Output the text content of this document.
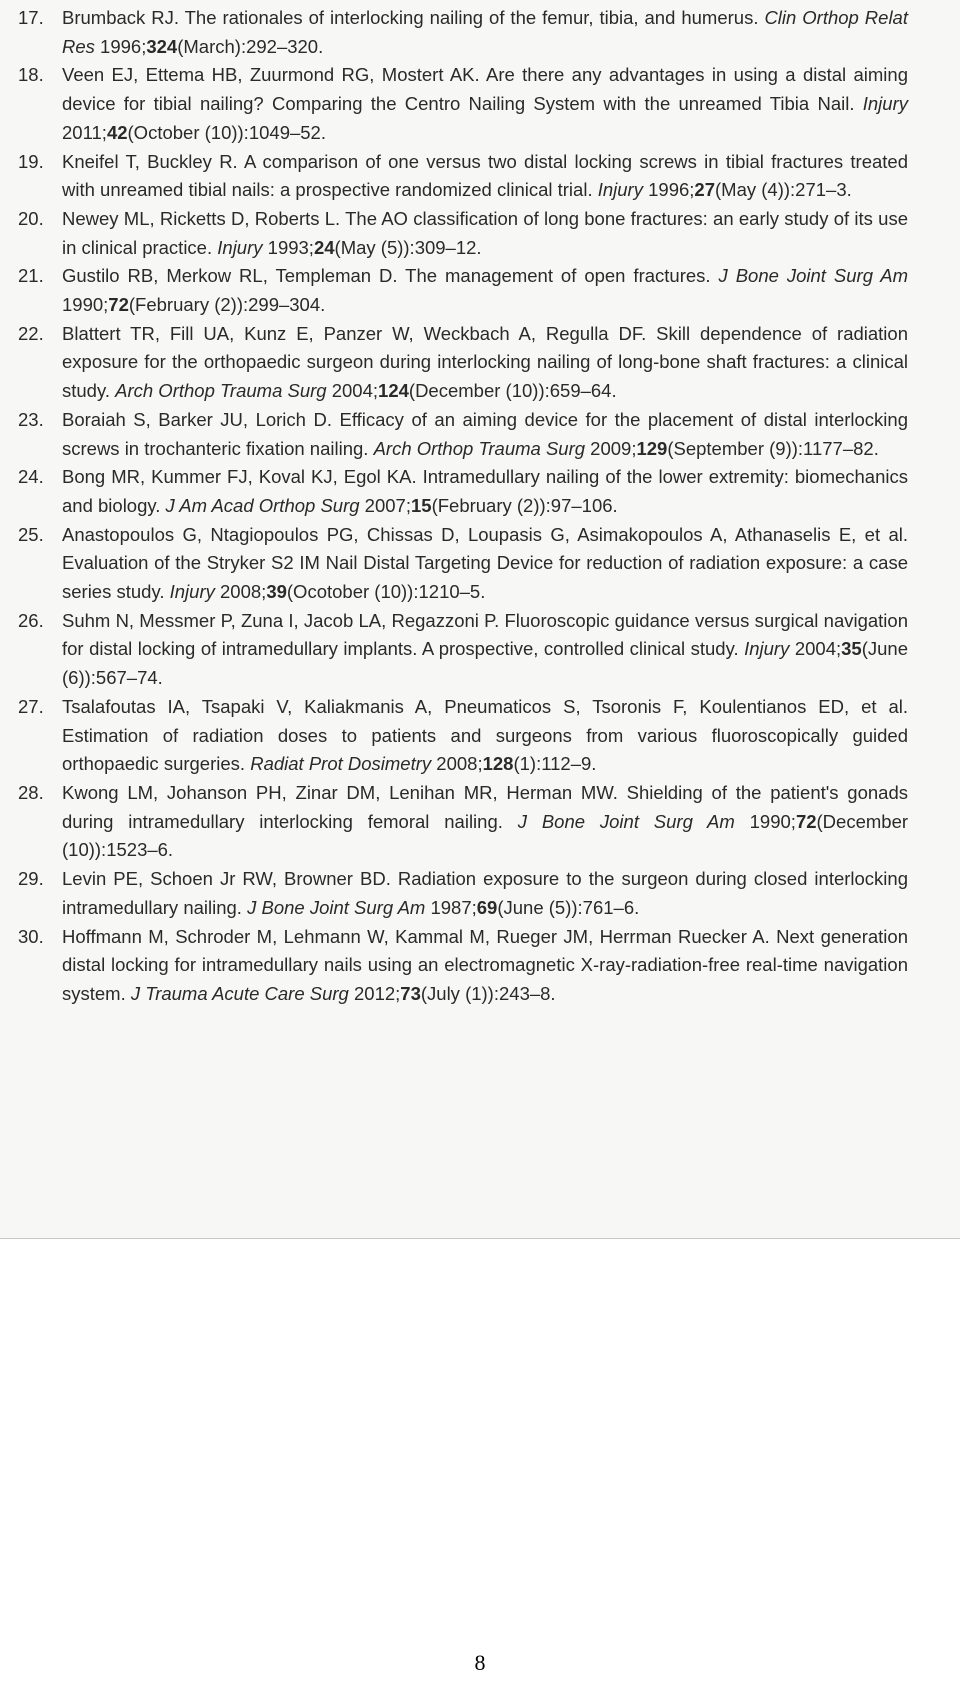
17. Brumback RJ. The rationales of interlocking nailing of the femur, tibia, and humerus. Clin Orthop Relat Res 1996;324(March):292–320.
18. Veen EJ, Ettema HB, Zuurmond RG, Mostert AK. Are there any advantages in using a distal aiming device for tibial nailing? Comparing the Centro Nailing System with the unreamed Tibia Nail. Injury 2011;42(October (10)):1049–52.
19. Kneifel T, Buckley R. A comparison of one versus two distal locking screws in tibial fractures treated with unreamed tibial nails: a prospective randomized clinical trial. Injury 1996;27(May (4)):271–3.
20. Newey ML, Ricketts D, Roberts L. The AO classification of long bone fractures: an early study of its use in clinical practice. Injury 1993;24(May (5)):309–12.
21. Gustilo RB, Merkow RL, Templeman D. The management of open fractures. J Bone Joint Surg Am 1990;72(February (2)):299–304.
22. Blattert TR, Fill UA, Kunz E, Panzer W, Weckbach A, Regulla DF. Skill dependence of radiation exposure for the orthopaedic surgeon during interlocking nailing of long-bone shaft fractures: a clinical study. Arch Orthop Trauma Surg 2004;124(December (10)):659–64.
23. Boraiah S, Barker JU, Lorich D. Efficacy of an aiming device for the placement of distal interlocking screws in trochanteric fixation nailing. Arch Orthop Trauma Surg 2009;129(September (9)):1177–82.
24. Bong MR, Kummer FJ, Koval KJ, Egol KA. Intramedullary nailing of the lower extremity: biomechanics and biology. J Am Acad Orthop Surg 2007;15(February (2)):97–106.
25. Anastopoulos G, Ntagiopoulos PG, Chissas D, Loupasis G, Asimakopoulos A, Athanaselis E, et al. Evaluation of the Stryker S2 IM Nail Distal Targeting Device for reduction of radiation exposure: a case series study. Injury 2008;39(Ocotober (10)):1210–5.
26. Suhm N, Messmer P, Zuna I, Jacob LA, Regazzoni P. Fluoroscopic guidance versus surgical navigation for distal locking of intramedullary implants. A prospective, controlled clinical study. Injury 2004;35(June (6)):567–74.
27. Tsalafoutas IA, Tsapaki V, Kaliakmanis A, Pneumaticos S, Tsoronis F, Koulentianos ED, et al. Estimation of radiation doses to patients and surgeons from various fluoroscopically guided orthopaedic surgeries. Radiat Prot Dosimetry 2008;128(1):112–9.
28. Kwong LM, Johanson PH, Zinar DM, Lenihan MR, Herman MW. Shielding of the patient's gonads during intramedullary interlocking femoral nailing. J Bone Joint Surg Am 1990;72(December (10)):1523–6.
29. Levin PE, Schoen Jr RW, Browner BD. Radiation exposure to the surgeon during closed interlocking intramedullary nailing. J Bone Joint Surg Am 1987;69(June (5)):761–6.
30. Hoffmann M, Schroder M, Lehmann W, Kammal M, Rueger JM, Herrman Ruecker A. Next generation distal locking for intramedullary nails using an electromagnetic X-ray-radiation-free real-time navigation system. J Trauma Acute Care Surg 2012;73(July (1)):243–8.
8
